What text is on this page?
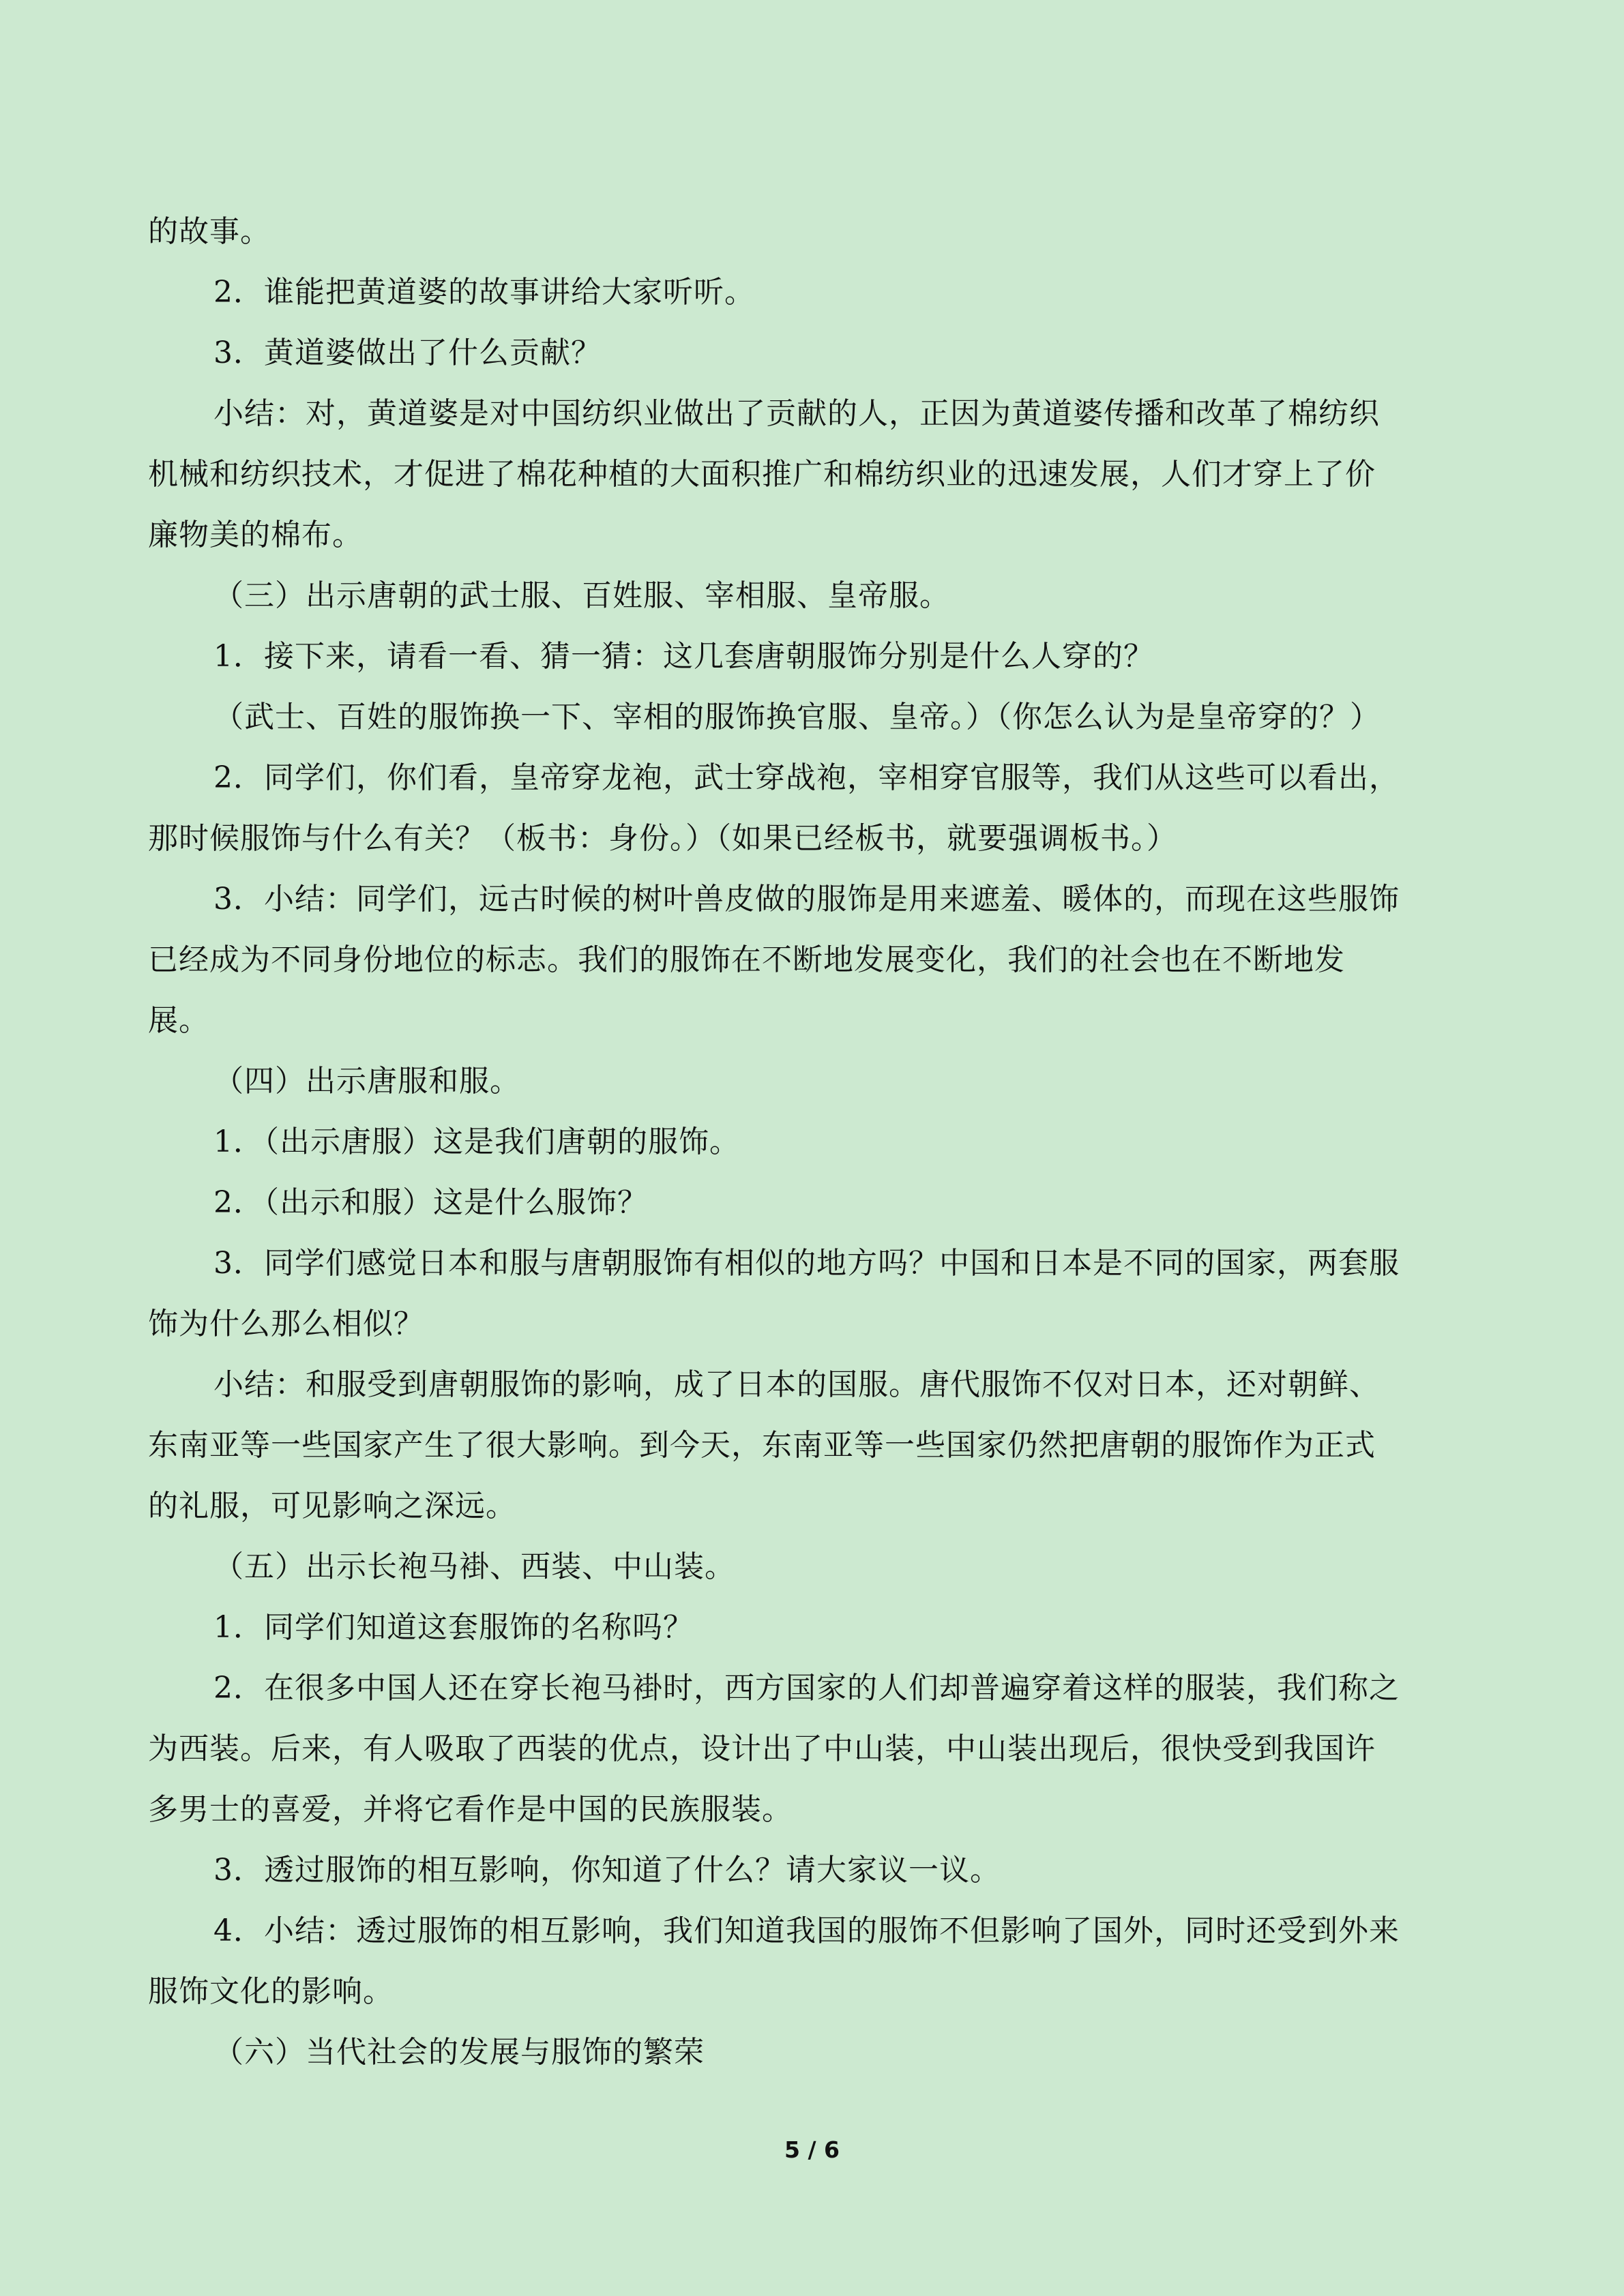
的故事。
2．谁能把黄道婆的故事讲给大家听听。
3．黄道婆做出了什么贡献？
小结：对，黄道婆是对中国纺织业做出了贡献的人，正因为黄道婆传播和改革了棉纺织
机械和纺织技术，才促进了棉花种植的大面积推广和棉纺织业的迅速发展，人们才穿上了价
廉物美的棉布。
（三）出示唐朝的武士服、百姓服、宰相服、皇帝服。
1．接下来，请看一看、猜一猜：这几套唐朝服饰分别是什么人穿的？
（武士、百姓的服饰换一下、宰相的服饰换官服、皇帝。）（你怎么认为是皇帝穿的？）
2．同学们，你们看，皇帝穿龙袍，武士穿战袍，宰相穿官服等，我们从这些可以看出，
那时候服饰与什么有关？（板书：身份。）（如果已经板书，就要强调板书。）
3．小结：同学们，远古时候的树叶兽皮做的服饰是用来遮羞、暖体的，而现在这些服饰
已经成为不同身份地位的标志。我们的服饰在不断地发展变化，我们的社会也在不断地发
展。
（四）出示唐服和服。
1．（出示唐服）这是我们唐朝的服饰。
2．（出示和服）这是什么服饰？
3．同学们感觉日本和服与唐朝服饰有相似的地方吗？中国和日本是不同的国家，两套服
饰为什么那么相似？
小结：和服受到唐朝服饰的影响，成了日本的国服。唐代服饰不仅对日本，还对朝鲜、
东南亚等一些国家产生了很大影响。到今天，东南亚等一些国家仍然把唐朝的服饰作为正式
的礼服，可见影响之深远。
（五）出示长袍马褂、西装、中山装。
1．同学们知道这套服饰的名称吗？
2．在很多中国人还在穿长袍马褂时，西方国家的人们却普遍穿着这样的服装，我们称之
为西装。后来，有人吸取了西装的优点，设计出了中山装，中山装出现后，很快受到我国许
多男士的喜爱，并将它看作是中国的民族服装。
3．透过服饰的相互影响，你知道了什么？请大家议一议。
4．小结：透过服饰的相互影响，我们知道我国的服饰不但影响了国外，同时还受到外来
服饰文化的影响。
（六）当代社会的发展与服饰的繁荣
5 / 6
